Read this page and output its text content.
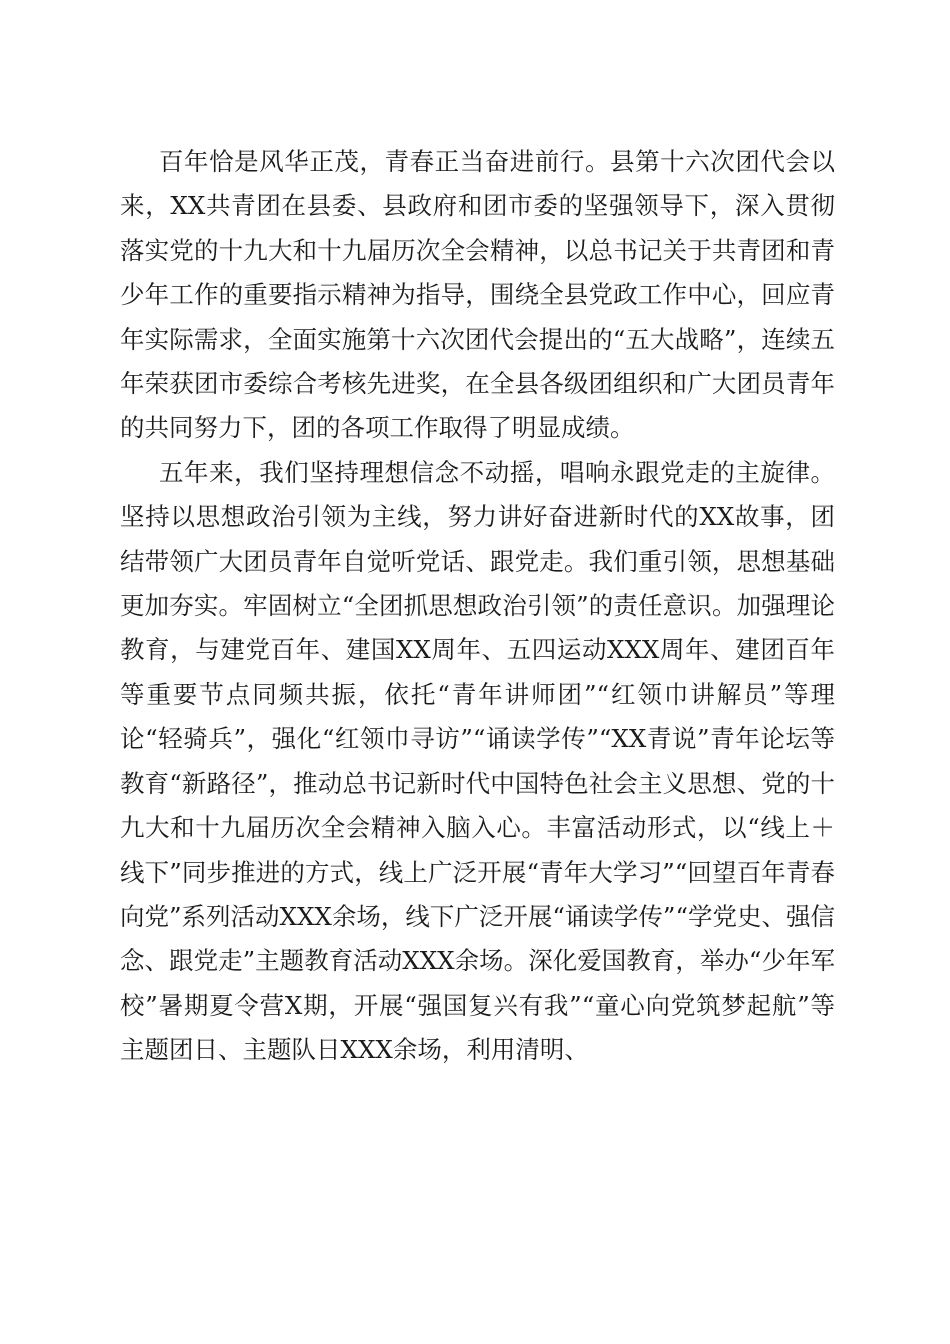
百年恰是风华正茂，青春正当奋进前行。县第十六次团代会以来，XX共青团在县委、县政府和团市委的坚强领导下，深入贯彻落实党的十九大和十九届历次全会精神，以总书记关于共青团和青少年工作的重要指示精神为指导，围绕全县党政工作中心，回应青年实际需求，全面实施第十六次团代会提出的“五大战略”，连续五年荣获团市委综合考核先进奖，在全县各级团组织和广大团员青年的共同努力下，团的各项工作取得了明显成绩。

五年来，我们坚持理想信念不动摇，唱响永跟党走的主旋律。坚持以思想政治引领为主线，努力讲好奋进新时代的XX故事，团结带领广大团员青年自觉听党话、跟党走。我们重引领，思想基础更加夯实。牢固树立“全团抓思想政治引领”的责任意识。加强理论教育，与建党百年、建国XX周年、五四运动XXX周年、建团百年等重要节点同频共振，依托“青年讲师团”“红领巾讲解员”等理论“轻骑兵”，强化“红领巾寻访”“诵读学传”“XX青说”青年论坛等教育“新路径”，推动总书记新时代中国特色社会主义思想、党的十九大和十九届历次全会精神入脑入心。丰富活动形式，以“线上＋线下”同步推进的方式，线上广泛开展“青年大学习”“回望百年青春向党”系列活动XXX余场，线下广泛开展“诵读学传”“学党史、强信念、跟党走”主题教育活动XXX余场。深化爱国教育，举办“少年军校”暑期夏令营X期，开展“强国复兴有我”“童心向党筑梦起航”等主题团日、主题队日XXX余场，利用清明、
